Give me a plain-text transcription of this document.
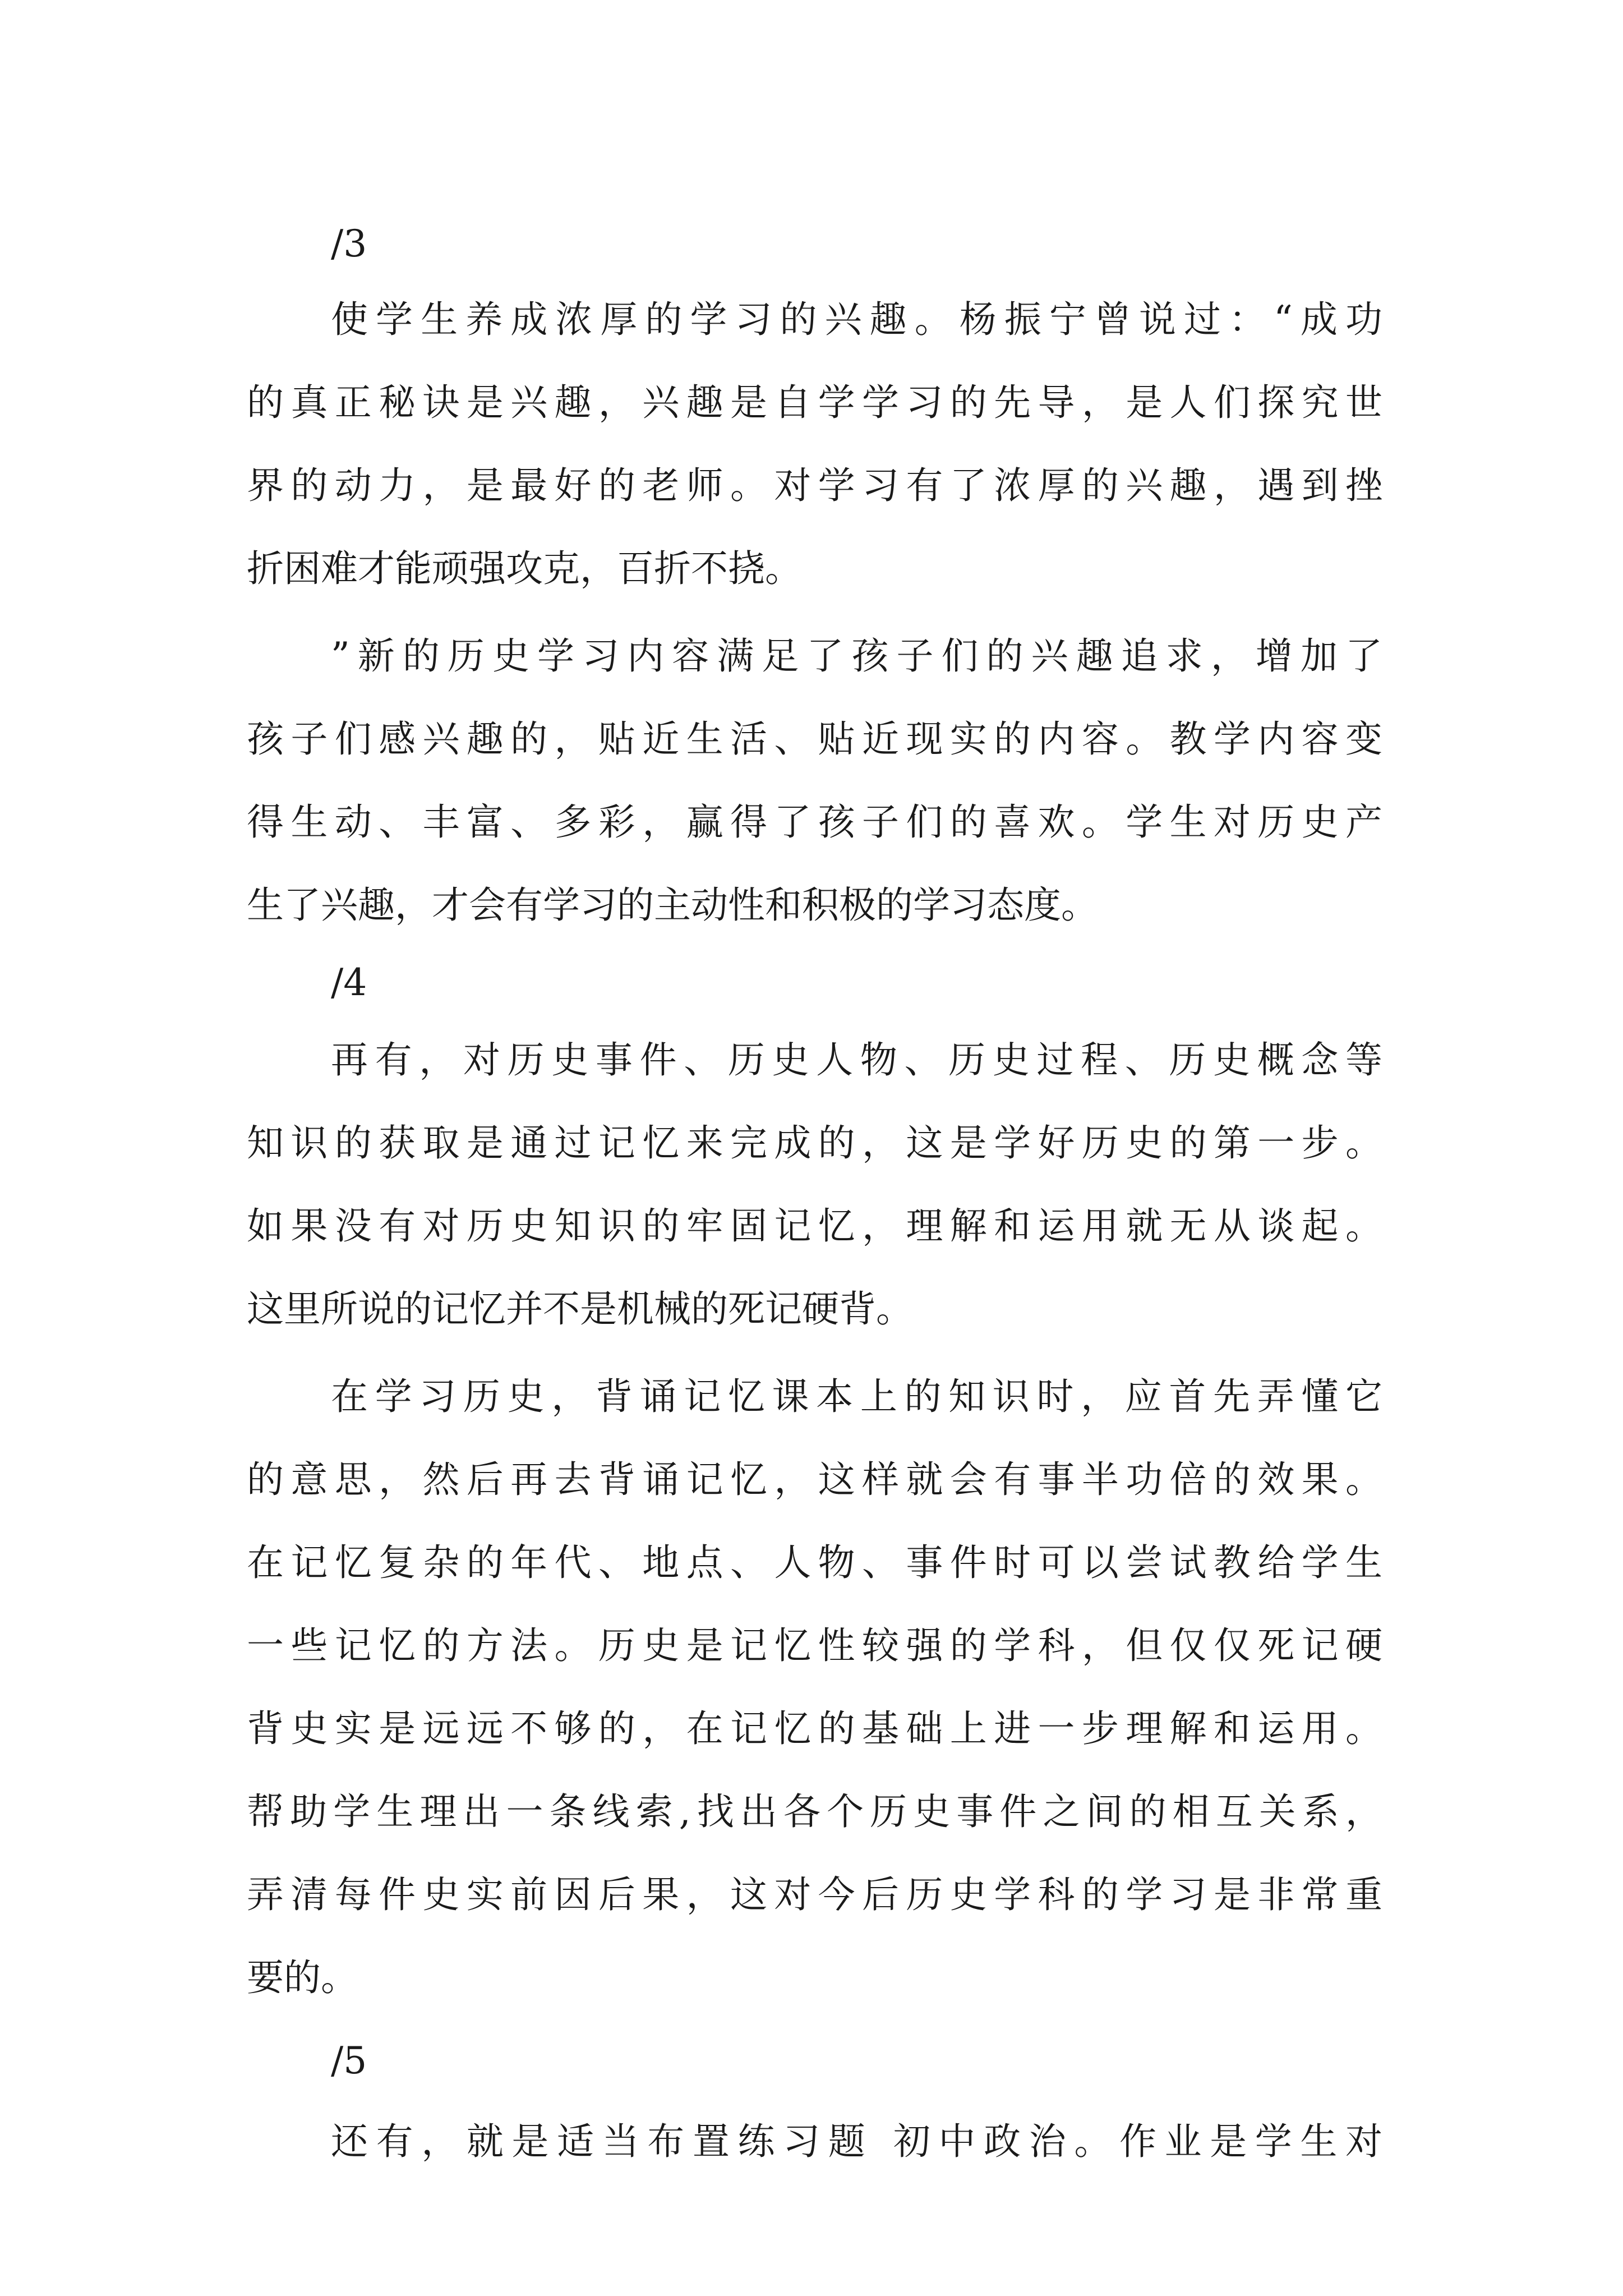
/3
使学生养成浓厚的学习的兴趣。杨振宁曾说过：“成功
的真正秘诀是兴趣，兴趣是自学学习的先导，是人们探究世
界的动力，是最好的老师。对学习有了浓厚的兴趣，遇到挫
折困难才能顽强攻克，百折不挠。
”新的历史学习内容满足了孩子们的兴趣追求，增加了
孩子们感兴趣的，贴近生活、贴近现实的内容。教学内容变
得生动、丰富、多彩，赢得了孩子们的喜欢。学生对历史产
生了兴趣，才会有学习的主动性和积极的学习态度。
/4
再有，对历史事件、历史人物、历史过程、历史概念等
知识的获取是通过记忆来完成的，这是学好历史的第一步。
如果没有对历史知识的牢固记忆，理解和运用就无从谈起。
这里所说的记忆并不是机械的死记硬背。
在学习历史，背诵记忆课本上的知识时，应首先弄懂它
的意思，然后再去背诵记忆，这样就会有事半功倍的效果。
在记忆复杂的年代、地点、人物、事件时可以尝试教给学生
一些记忆的方法。历史是记忆性较强的学科，但仅仅死记硬
背史实是远远不够的，在记忆的基础上进一步理解和运用。
帮助学生理出一条线索,找出各个历史事件之间的相互关系，
弄清每件史实前因后果，这对今后历史学科的学习是非常重
要的。
/5
还有，就是适当布置练习题 初中政治。作业是学生对
